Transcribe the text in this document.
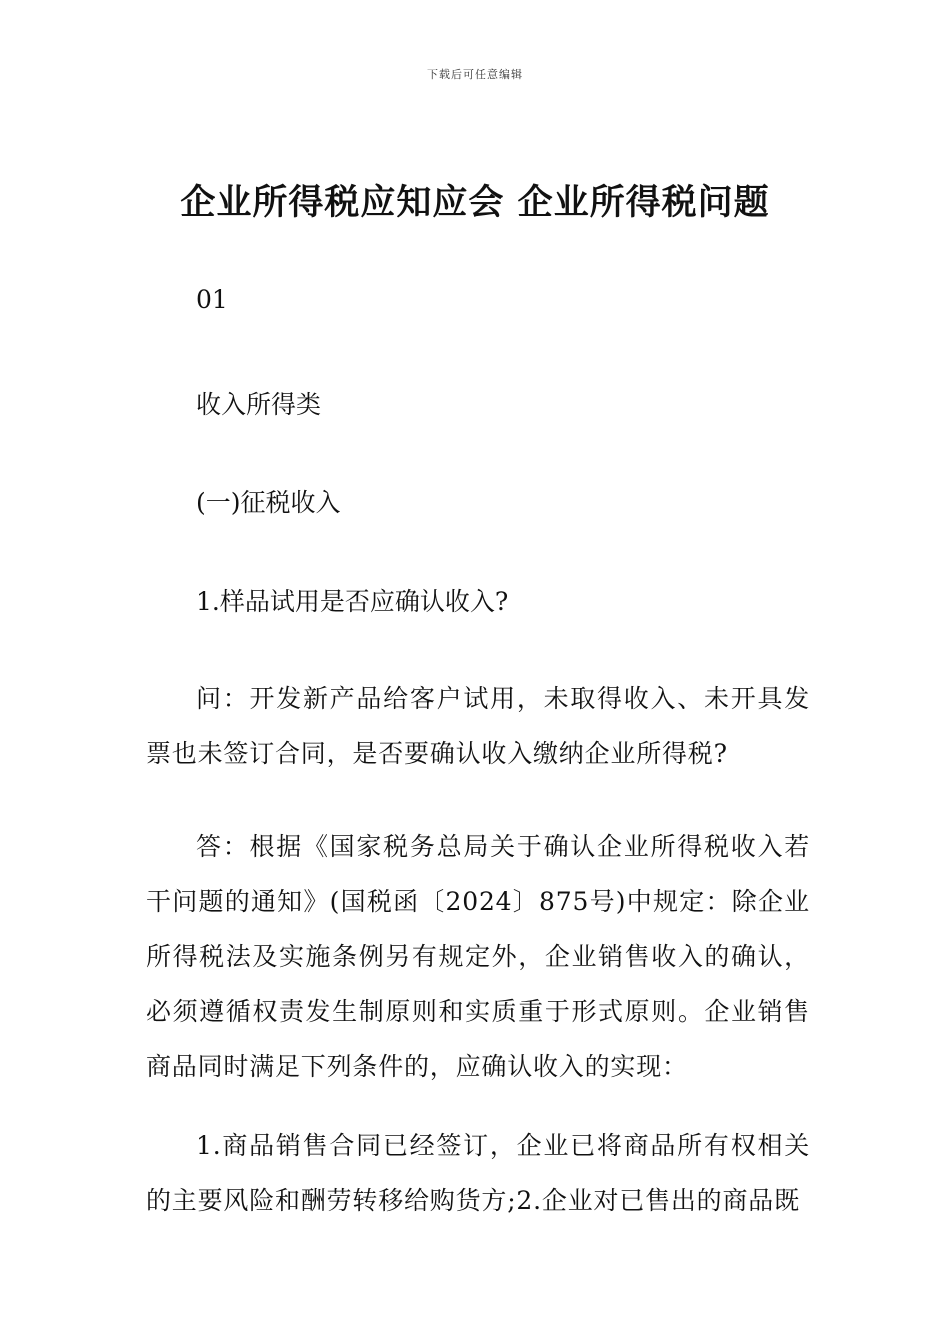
下载后可任意编辑
企业所得税应知应会 企业所得税问题
01
收入所得类
(一)征税收入
1.样品试用是否应确认收入?

问：开发新产品给客户试用，未取得收入、未开具发票也未签订合同，是否要确认收入缴纳企业所得税?

答：根据《国家税务总局关于确认企业所得税收入若干问题的通知》(国税函〔2024〕875号)中规定：除企业所得税法及实施条例另有规定外，企业销售收入的确认，必须遵循权责发生制原则和实质重于形式原则。企业销售商品同时满足下列条件的，应确认收入的实现：

1.商品销售合同已经签订，企业已将商品所有权相关的主要风险和酬劳转移给购货方;2.企业对已售出的商品既
